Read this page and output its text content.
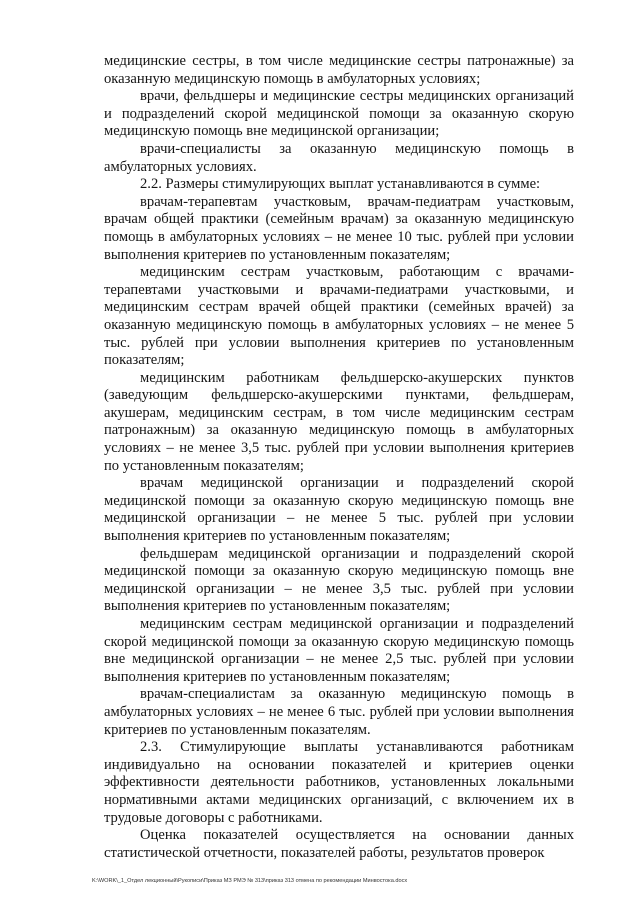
медицинские сестры, в том числе медицинские сестры патронажные) за оказанную медицинскую помощь в амбулаторных условиях;

врачи, фельдшеры и медицинские сестры медицинских организаций и подразделений скорой медицинской помощи за оказанную скорую медицинскую помощь вне медицинской организации;

врачи-специалисты за оказанную медицинскую помощь в амбулаторных условиях.

2.2. Размеры стимулирующих выплат устанавливаются в сумме:

врачам-терапевтам участковым, врачам-педиатрам участковым, врачам общей практики (семейным врачам) за оказанную медицинскую помощь в амбулаторных условиях – не менее 10 тыс. рублей при условии выполнения критериев по установленным показателям;

медицинским сестрам участковым, работающим с врачами-терапевтами участковыми и врачами-педиатрами участковыми, и медицинским сестрам врачей общей практики (семейных врачей) за оказанную медицинскую помощь в амбулаторных условиях – не менее 5 тыс. рублей при условии выполнения критериев по установленным показателям;

медицинским работникам фельдшерско-акушерских пунктов (заведующим фельдшерско-акушерскими пунктами, фельдшерам, акушерам, медицинским сестрам, в том числе медицинским сестрам патронажным) за оказанную медицинскую помощь в амбулаторных условиях – не менее 3,5 тыс. рублей при условии выполнения критериев по установленным показателям;

врачам медицинской организации и подразделений скорой медицинской помощи за оказанную скорую медицинскую помощь вне медицинской организации – не менее 5 тыс. рублей при условии выполнения критериев по установленным показателям;

фельдшерам медицинской организации и подразделений скорой медицинской помощи за оказанную скорую медицинскую помощь вне медицинской организации – не менее 3,5 тыс. рублей при условии выполнения критериев по установленным показателям;

медицинским сестрам медицинской организации и подразделений скорой медицинской помощи за оказанную скорую медицинскую помощь вне медицинской организации – не менее 2,5 тыс. рублей при условии выполнения критериев по установленным показателям;

врачам-специалистам за оказанную медицинскую помощь в амбулаторных условиях – не менее 6 тыс. рублей при условии выполнения критериев по установленным показателям.

2.3. Стимулирующие выплаты устанавливаются работникам индивидуально на основании показателей и критериев оценки эффективности деятельности работников, установленных локальными нормативными актами медицинских организаций, с включением их в трудовые договоры с работниками.

Оценка показателей осуществляется на основании данных статистической отчетности, показателей работы, результатов проверок

K:\WORK\_1_Отдел лекционный\Рукописи\Приказ МЗ РМЭ № 313\приказ 313 отмена по рекомендации Минвостока.docx
